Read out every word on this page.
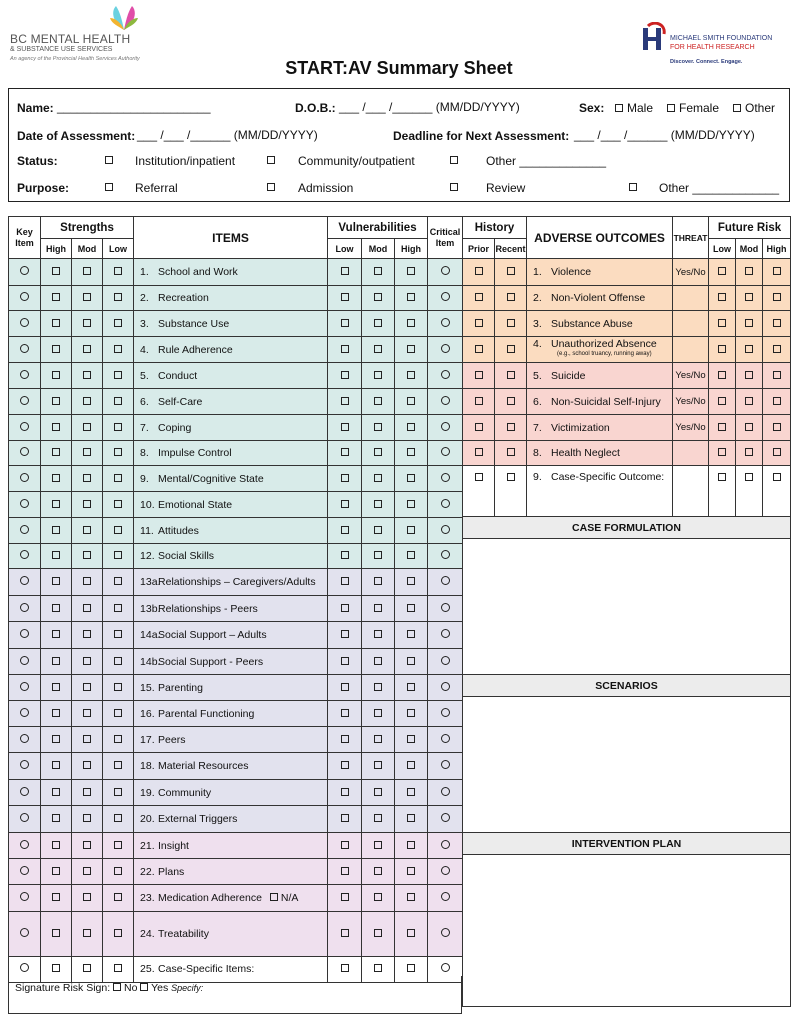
BC MENTAL HEALTH
& SUBSTANCE USE SERVICES
An agency of the Provincial Health Services Authority
MICHAEL SMITH FOUNDATION
FOR HEALTH RESEARCH
Discover. Connect. Engage.
START:AV Summary Sheet
Name: _______________________	D.O.B.: ___ /___ /______ (MM/DD/YYYY)	Sex: Male Female Other
Date of Assessment: ___ /___ /______ (MM/DD/YYYY)	Deadline for Next Assessment: ___ /___ /______ (MM/DD/YYYY)
Status:	Institution/inpatient	Community/outpatient	Other _____________
Purpose:	Referral	Admission	Review	Other _____________
Key Item	Strengths			ITEMS	Vulnerabilities			Critical Item
	High	Mod	Low		Low	Mod	High	
				1. School and Work				
				2. Recreation				
				3. Substance Use				
				4. Rule Adherence				
				5. Conduct				
				6. Self-Care				
				7. Coping				
				8. Impulse Control				
				9. Mental/Cognitive State				
				10. Emotional State				
				11. Attitudes				
				12. Social Skills				
				13a.Relationships – Caregivers/Adults				
				13b.Relationships - Peers				
				14a.Social Support – Adults				
				14b.Social Support - Peers				
				15. Parenting				
				16. Parental Functioning				
				17. Peers				
				18. Material Resources				
				19. Community				
				20. External Triggers				
				21. Insight				
				22. Plans				
				23. Medication Adherence N/A				
				24. Treatability				
				25. Case-Specific Items:				
Signature Risk Sign: No Yes Specify:
History		ADVERSE OUTCOMES	THREAT	Future Risk		
Prior	Recent			Low	Mod	High
		1. Violence	Yes/No			
		2. Non-Violent Offense				
		3. Substance Abuse				
		4. Unauthorized Absence
(e.g., school truancy, running away)				

		5. Suicide	Yes/No			
		6. Non-Suicidal Self-Injury	Yes/No			
		7. Victimization	Yes/No			
		8. Health Neglect				
		9. Case-Specific Outcome:				
CASE FORMULATION						

SCENARIOS						

INTERVENTION PLAN						
